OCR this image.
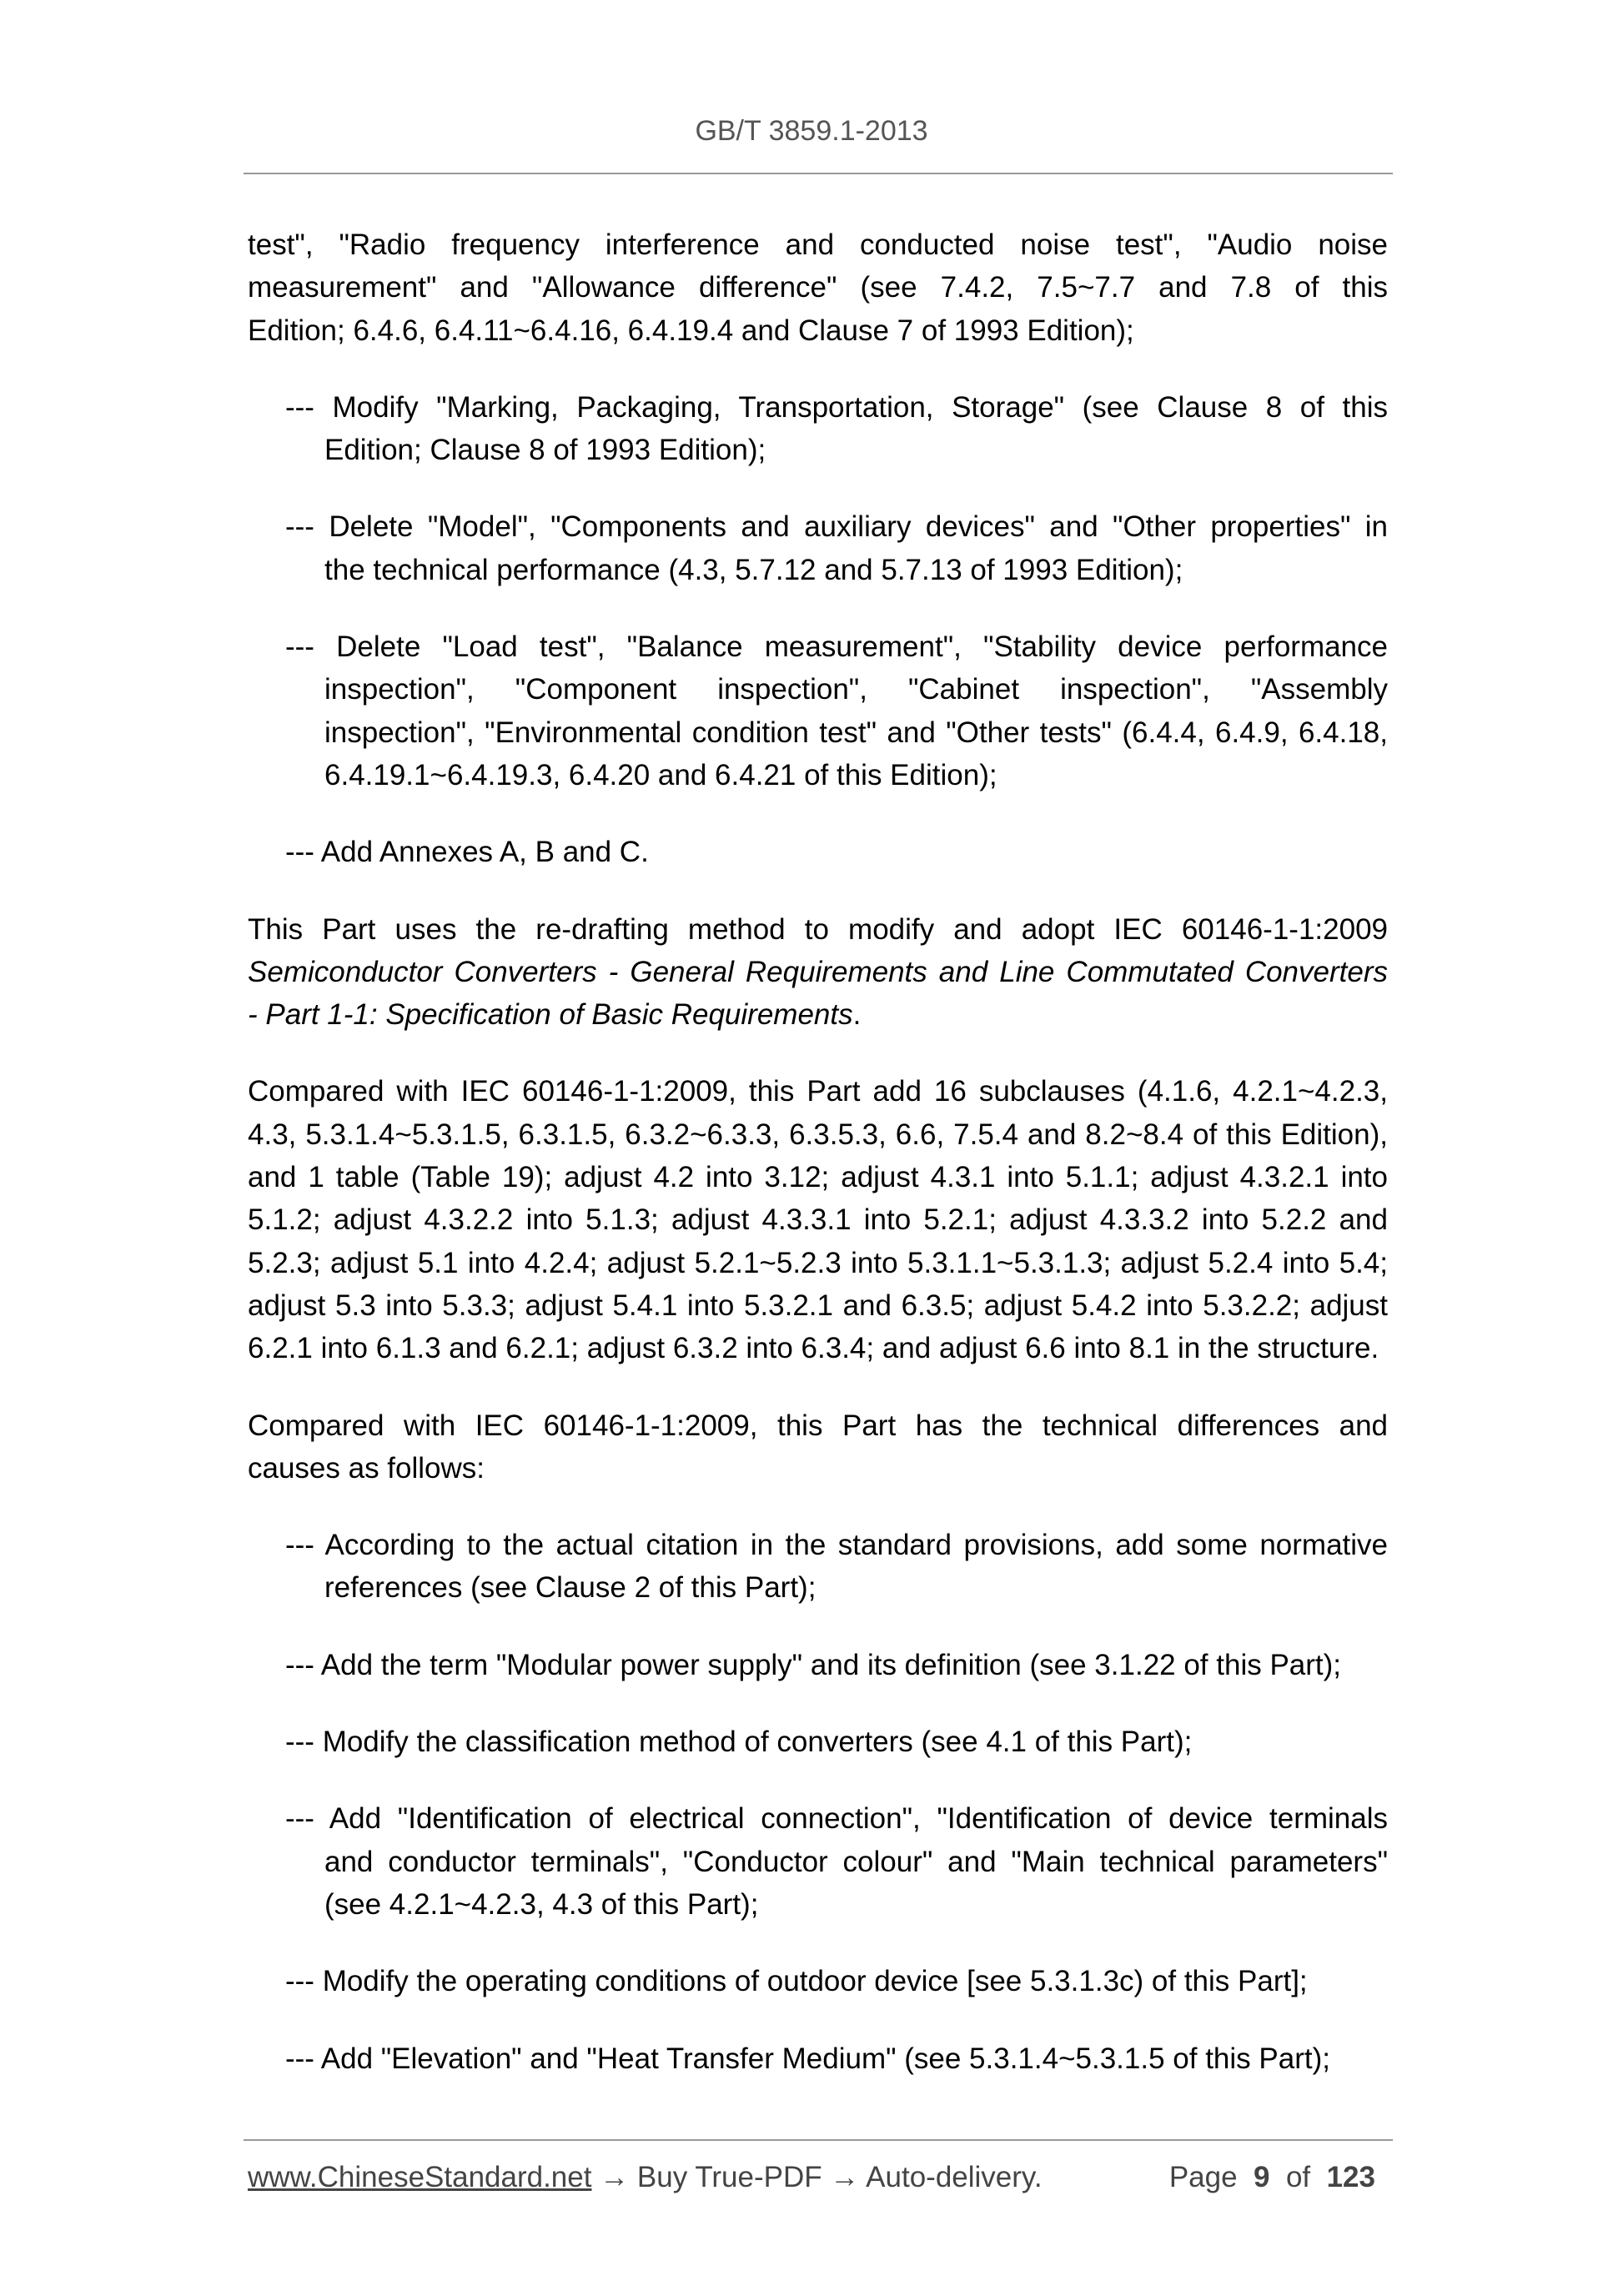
GB/T 3859.1-2013
test", "Radio frequency interference and conducted noise test", "Audio noise
measurement" and "Allowance difference" (see 7.4.2, 7.5~7.7 and 7.8 of this
Edition; 6.4.6, 6.4.11~6.4.16, 6.4.19.4 and Clause 7 of 1993 Edition);
--- Modify "Marking, Packaging, Transportation, Storage" (see Clause 8 of this
Edition; Clause 8 of 1993 Edition);
--- Delete "Model", "Components and auxiliary devices" and "Other properties" in
the technical performance (4.3, 5.7.12 and 5.7.13 of 1993 Edition);
--- Delete "Load test", "Balance measurement", "Stability device performance
inspection", "Component inspection", "Cabinet inspection", "Assembly
inspection", "Environmental condition test" and "Other tests" (6.4.4, 6.4.9, 6.4.18,
6.4.19.1~6.4.19.3, 6.4.20 and 6.4.21 of this Edition);
--- Add Annexes A, B and C.
This Part uses the re-drafting method to modify and adopt IEC 60146-1-1:2009
Semiconductor Converters - General Requirements and Line Commutated Converters
- Part 1-1: Specification of Basic Requirements.
Compared with IEC 60146-1-1:2009, this Part add 16 subclauses (4.1.6, 4.2.1~4.2.3,
4.3, 5.3.1.4~5.3.1.5, 6.3.1.5, 6.3.2~6.3.3, 6.3.5.3, 6.6, 7.5.4 and 8.2~8.4 of this Edition),
and 1 table (Table 19); adjust 4.2 into 3.12; adjust 4.3.1 into 5.1.1; adjust 4.3.2.1 into
5.1.2; adjust 4.3.2.2 into 5.1.3; adjust 4.3.3.1 into 5.2.1; adjust 4.3.3.2 into 5.2.2 and
5.2.3; adjust 5.1 into 4.2.4; adjust 5.2.1~5.2.3 into 5.3.1.1~5.3.1.3; adjust 5.2.4 into 5.4;
adjust 5.3 into 5.3.3; adjust 5.4.1 into 5.3.2.1 and 6.3.5; adjust 5.4.2 into 5.3.2.2; adjust
6.2.1 into 6.1.3 and 6.2.1; adjust 6.3.2 into 6.3.4; and adjust 6.6 into 8.1 in the structure.
Compared with IEC 60146-1-1:2009, this Part has the technical differences and
causes as follows:
--- According to the actual citation in the standard provisions, add some normative
references (see Clause 2 of this Part);
--- Add the term "Modular power supply" and its definition (see 3.1.22 of this Part);
--- Modify the classification method of converters (see 4.1 of this Part);
--- Add "Identification of electrical connection", "Identification of device terminals
and conductor terminals", "Conductor colour" and "Main technical parameters"
(see 4.2.1~4.2.3, 4.3 of this Part);
--- Modify the operating conditions of outdoor device [see 5.3.1.3c) of this Part];
--- Add "Elevation" and "Heat Transfer Medium" (see 5.3.1.4~5.3.1.5 of this Part);
www.ChineseStandard.net → Buy True-PDF → Auto-delivery.	Page 9 of 123
